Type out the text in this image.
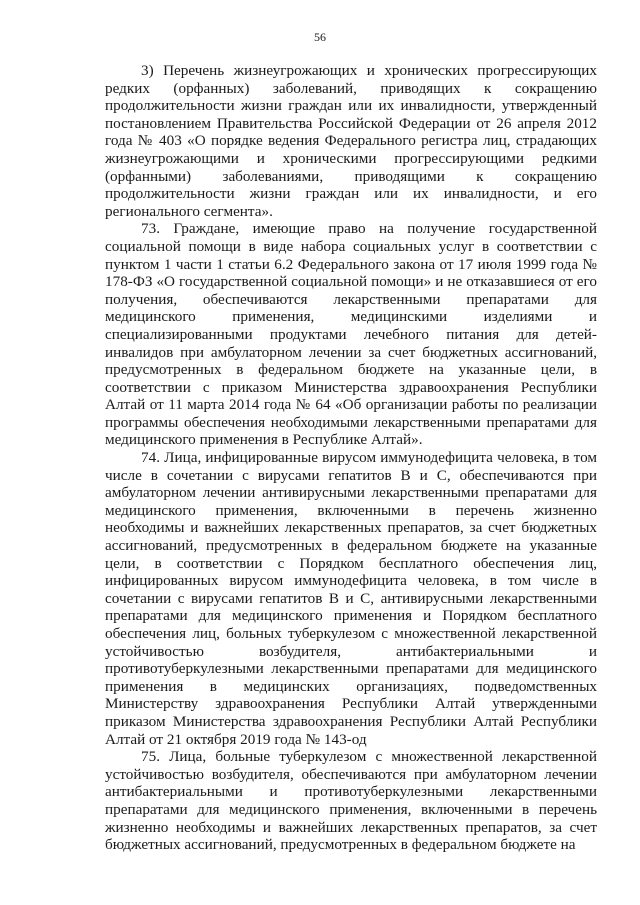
56

3) Перечень жизнеугрожающих и хронических прогрессирующих редких (орфанных) заболеваний, приводящих к сокращению продолжительности жизни граждан или их инвалидности, утвержденный постановлением Правительства Российской Федерации от 26 апреля 2012 года № 403 «О порядке ведения Федерального регистра лиц, страдающих жизнеугрожающими и хроническими прогрессирующими редкими (орфанными) заболеваниями, приводящими к сокращению продолжительности жизни граждан или их инвалидности, и его регионального сегмента».

73. Граждане, имеющие право на получение государственной социальной помощи в виде набора социальных услуг в соответствии с пунктом 1 части 1 статьи 6.2 Федерального закона от 17 июля 1999 года № 178-ФЗ «О государственной социальной помощи» и не отказавшиеся от его получения, обеспечиваются лекарственными препаратами для медицинского применения, медицинскими изделиями и специализированными продуктами лечебного питания для детей-инвалидов при амбулаторном лечении за счет бюджетных ассигнований, предусмотренных в федеральном бюджете на указанные цели, в соответствии с приказом Министерства здравоохранения Республики Алтай от 11 марта 2014 года № 64 «Об организации работы по реализации программы обеспечения необходимыми лекарственными препаратами для медицинского применения в Республике Алтай».

74. Лица, инфицированные вирусом иммунодефицита человека, в том числе в сочетании с вирусами гепатитов B и C, обеспечиваются при амбулаторном лечении антивирусными лекарственными препаратами для медицинского применения, включенными в перечень жизненно необходимы и важнейших лекарственных препаратов, за счет бюджетных ассигнований, предусмотренных в федеральном бюджете на указанные цели, в соответствии с Порядком бесплатного обеспечения лиц, инфицированных вирусом иммунодефицита человека, в том числе в сочетании с вирусами гепатитов B и C, антивирусными лекарственными препаратами для медицинского применения и Порядком бесплатного обеспечения лиц, больных туберкулезом с множественной лекарственной устойчивостью возбудителя, антибактериальными и противотуберкулезными лекарственными препаратами для медицинского применения в медицинских организациях, подведомственных Министерству здравоохранения Республики Алтай утвержденными приказом Министерства здравоохранения Республики Алтай Республики Алтай от 21 октября 2019 года № 143-од

75. Лица, больные туберкулезом с множественной лекарственной устойчивостью возбудителя, обеспечиваются при амбулаторном лечении антибактериальными и противотуберкулезными лекарственными препаратами для медицинского применения, включенными в перечень жизненно необходимы и важнейших лекарственных препаратов, за счет бюджетных ассигнований, предусмотренных в федеральном бюджете на
